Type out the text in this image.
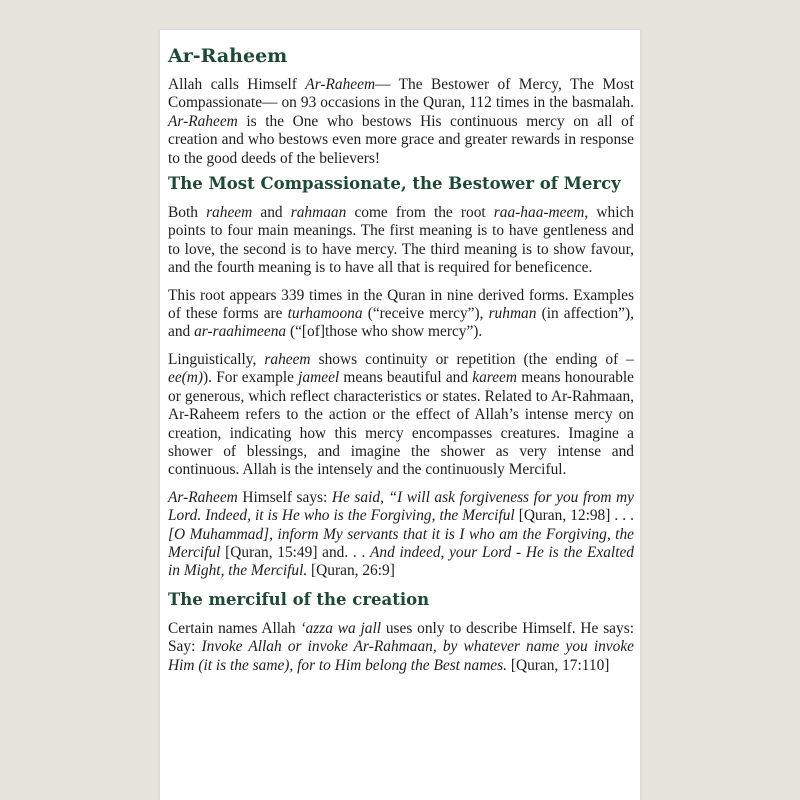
Ar-Raheem

Allah calls Himself Ar-Raheem— The Bestower of Mercy, The Most Compassionate— on 93 occasions in the Quran, 112 times in the basmalah. Ar-Raheem is the One who bestows His continuous mercy on all of creation and who bestows even more grace and greater rewards in response to the good deeds of the believers!

The Most Compassionate, the Bestower of Mercy

Both raheem and rahmaan come from the root raa-haa-meem, which points to four main meanings. The first meaning is to have gentleness and to love, the second is to have mercy. The third meaning is to show favour, and the fourth meaning is to have all that is required for beneficence.

This root appears 339 times in the Quran in nine derived forms. Examples of these forms are turhamoona (“receive mercy”), ruhman (in affection”), and ar-raahimeena (“[of]those who show mercy”).

Linguistically, raheem shows continuity or repetition (the ending of –ee(m)). For example jameel means beautiful and kareem means honourable or generous, which reflect characteristics or states. Related to Ar-Rahmaan, Ar-Raheem refers to the action or the effect of Allah’s intense mercy on creation, indicating how this mercy encompasses creatures. Imagine a shower of blessings, and imagine the shower as very intense and continuous. Allah is the intensely and the continuously Merciful.

Ar-Raheem Himself says: He said, “I will ask forgiveness for you from my Lord. Indeed, it is He who is the Forgiving, the Merciful [Quran, 12:98] . . . [O Muhammad], inform My servants that it is I who am the Forgiving, the Merciful [Quran, 15:49] and. . . And indeed, your Lord - He is the Exalted in Might, the Merciful. [Quran, 26:9]

The merciful of the creation

Certain names Allah ‘azza wa jall uses only to describe Himself. He says: Say: Invoke Allah or invoke Ar-Rahmaan, by whatever name you invoke Him (it is the same), for to Him belong the Best names. [Quran, 17:110]
